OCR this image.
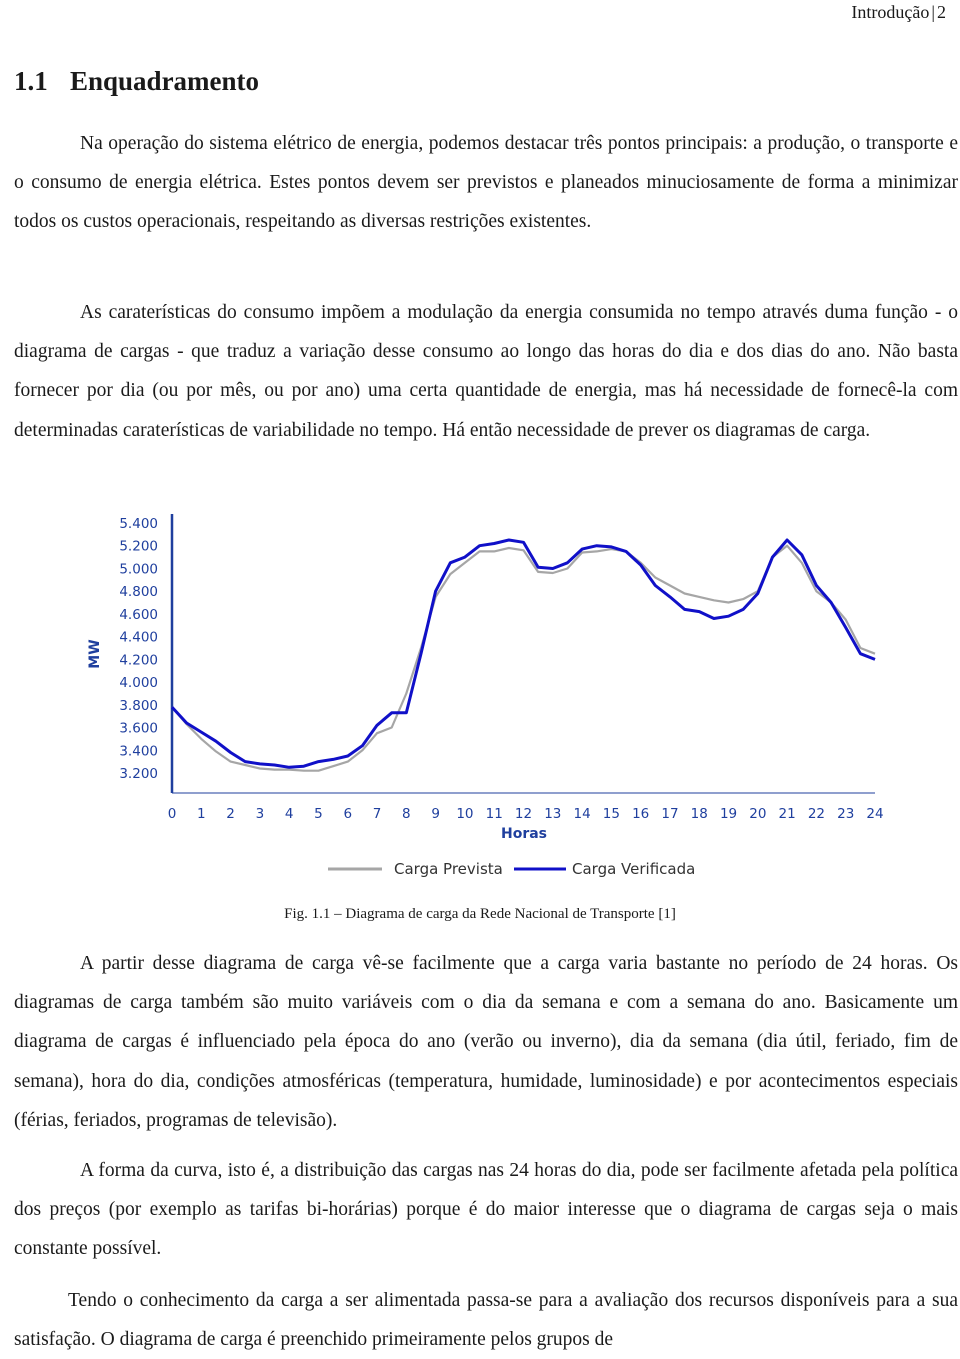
Introdução | 2
1.1 Enquadramento

Na operação do sistema elétrico de energia, podemos destacar três pontos principais: a produção, o transporte e o consumo de energia elétrica. Estes pontos devem ser previstos e planeados minuciosamente de forma a minimizar todos os custos operacionais, respeitando as diversas restrições existentes.

As caraterísticas do consumo impõem a modulação da energia consumida no tempo através duma função - o diagrama de cargas - que traduz a variação desse consumo ao longo das horas do dia e dos dias do ano. Não basta fornecer por dia (ou por mês, ou por ano) uma certa quantidade de energia, mas há necessidade de fornecê-la com determinadas caraterísticas de variabilidade no tempo. Há então necessidade de prever os diagramas de carga.

3.200
3.400
3.600
3.800
4.000
4.200
4.400
4.600
4.800
5.000
5.200
5.400
0 1 2 3 4 5 6 7 8 9 10 11 12 13 14 15 16 17 18 19 20 21 22 23 24
MW
Horas
Carga Prevista	Carga Verificada
Fig. 1.1 – Diagrama de carga da Rede Nacional de Transporte [1]

A partir desse diagrama de carga vê-se facilmente que a carga varia bastante no período de 24 horas. Os diagramas de carga também são muito variáveis com o dia da semana e com a semana do ano. Basicamente um diagrama de cargas é influenciado pela época do ano (verão ou inverno), dia da semana (dia útil, feriado, fim de semana), hora do dia, condições atmosféricas (temperatura, humidade, luminosidade) e por acontecimentos especiais (férias, feriados, programas de televisão).

A forma da curva, isto é, a distribuição das cargas nas 24 horas do dia, pode ser facilmente afetada pela política dos preços (por exemplo as tarifas bi-horárias) porque é do maior interesse que o diagrama de cargas seja o mais constante possível.

Tendo o conhecimento da carga a ser alimentada passa-se para a avaliação dos recursos disponíveis para a sua satisfação. O diagrama de carga é preenchido primeiramente pelos grupos de
